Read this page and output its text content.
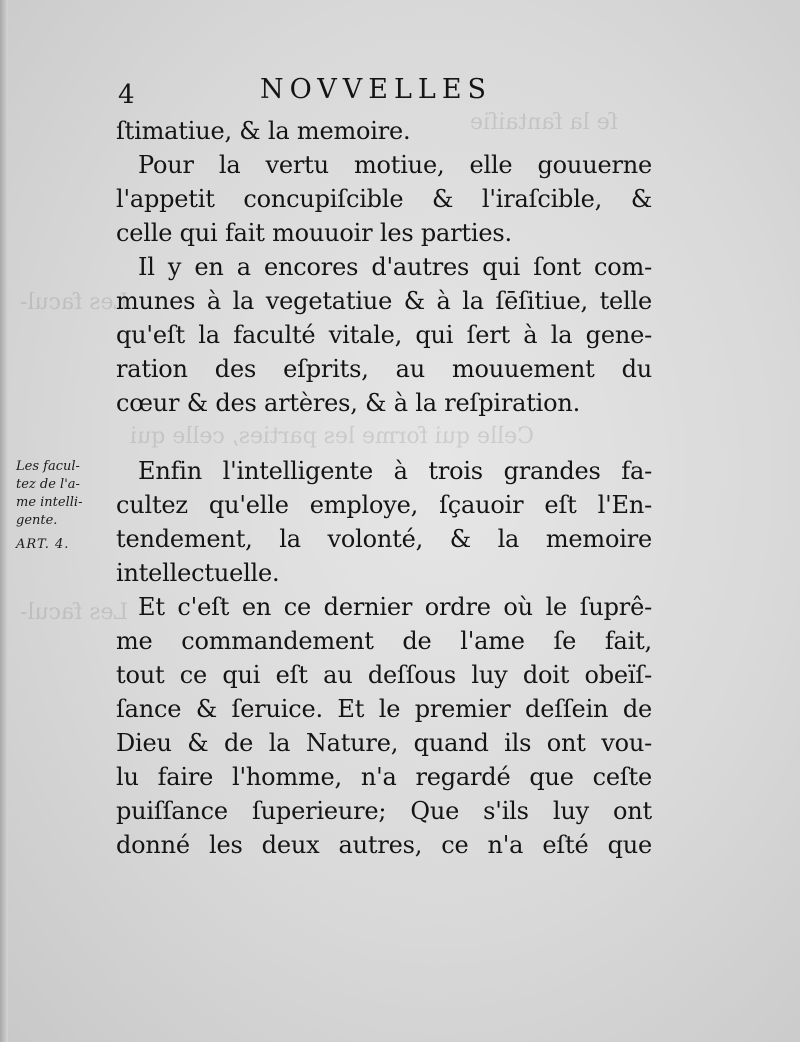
ſe la fantaiſie
Celle qui forme les parties, celle qui
Les facul-
Les facul-
4	NOVVELLES
Les facul-
tez de l'a-
me intelli-
gente.
ART. 4.
ſtimatiue, & la memoire.
Pour la vertu motiue, elle gouuerne
l'appetit concupiſcible & l'iraſcible, &
celle qui fait mouuoir les parties.
Il y en a encores d'autres qui ſont com-
munes à la vegetatiue & à la ſēſitiue, telle
qu'eſt la faculté vitale, qui ſert à la gene-
ration des eſprits, au mouuement du
cœur & des artères, & à la reſpiration.
Enfin l'intelligente à trois grandes fa-
cultez qu'elle employe, ſçauoir eſt l'En-
tendement, la volonté, & la memoire
intellectuelle.
Et c'eſt en ce dernier ordre où le ſuprê-
me commandement de l'ame ſe fait,
tout ce qui eſt au deſſous luy doit obeïſ-
ſance & ſeruice. Et le premier deſſein de
Dieu & de la Nature, quand ils ont vou-
lu faire l'homme, n'a regardé que ceſte
puiſſance ſuperieure; Que s'ils luy ont
donné les deux autres, ce n'a eſté que
